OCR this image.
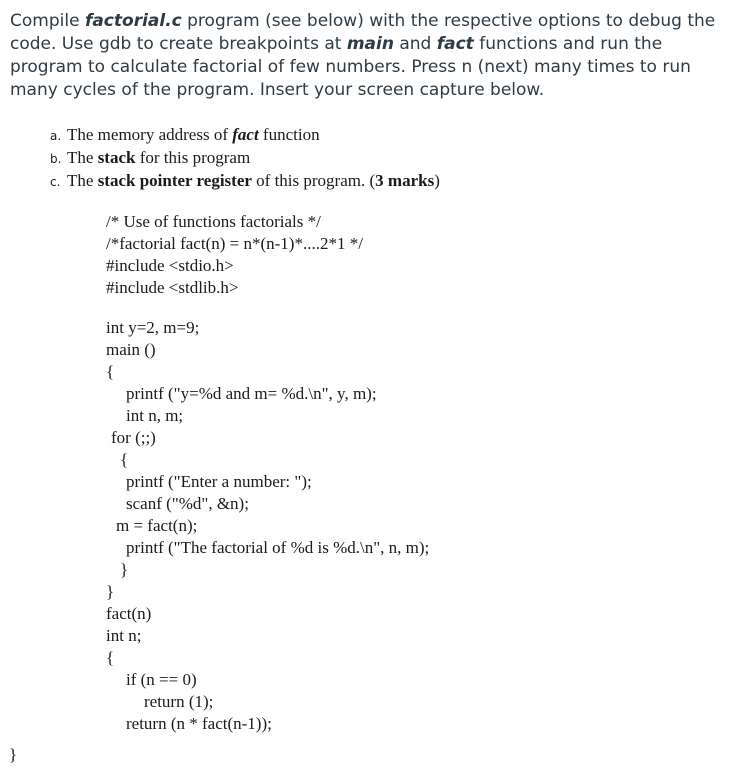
Compile factorial.c program (see below) with the respective options to debug the code. Use gdb to create breakpoints at main and fact functions and run the program to calculate factorial of few numbers. Press n (next) many times to run many cycles of the program. Insert your screen capture below.

a. The memory address of fact function
b. The stack for this program
c. The stack pointer register of this program. (3 marks)
/* Use of functions factorials */
/*factorial fact(n) = n*(n-1)*....2*1 */
#include <stdio.h>
#include <stdlib.h>
int y=2, m=9;
main ()
{
printf ("y=%d and m= %d.\n", y, m);
int n, m;
for (;;)
{
printf ("Enter a number: ");
scanf ("%d", &n);
m = fact(n);
printf ("The factorial of %d is %d.\n", n, m);
}
}
fact(n)
int n;
{
if (n == 0)
return (1);
return (n * fact(n-1));
}
